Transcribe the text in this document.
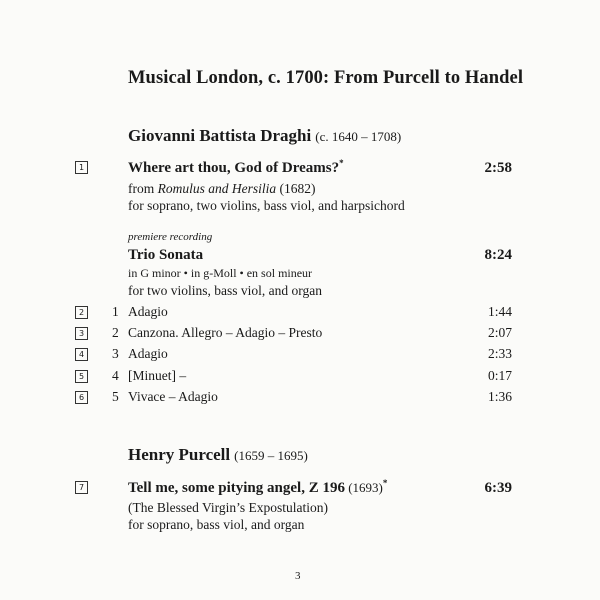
Musical London, c. 1700: From Purcell to Handel
Giovanni Battista Draghi (c. 1640 – 1708)
1	Where art thou, God of Dreams?*	2:58
from Romulus and Hersilia (1682)
for soprano, two violins, bass viol, and harpsichord
premiere recording
Trio Sonata	8:24
in G minor • in g-Moll • en sol mineur
for two violins, bass viol, and organ
2 1 Adagio	1:44
3 2 Canzona. Allegro – Adagio – Presto	2:07
4 3 Adagio	2:33
5 4 [Minuet] –	0:17
6 5 Vivace – Adagio	1:36
Henry Purcell (1659 – 1695)
7	Tell me, some pitying angel, Z 196 (1693)*	6:39
(The Blessed Virgin’s Expostulation)
for soprano, bass viol, and organ
3
